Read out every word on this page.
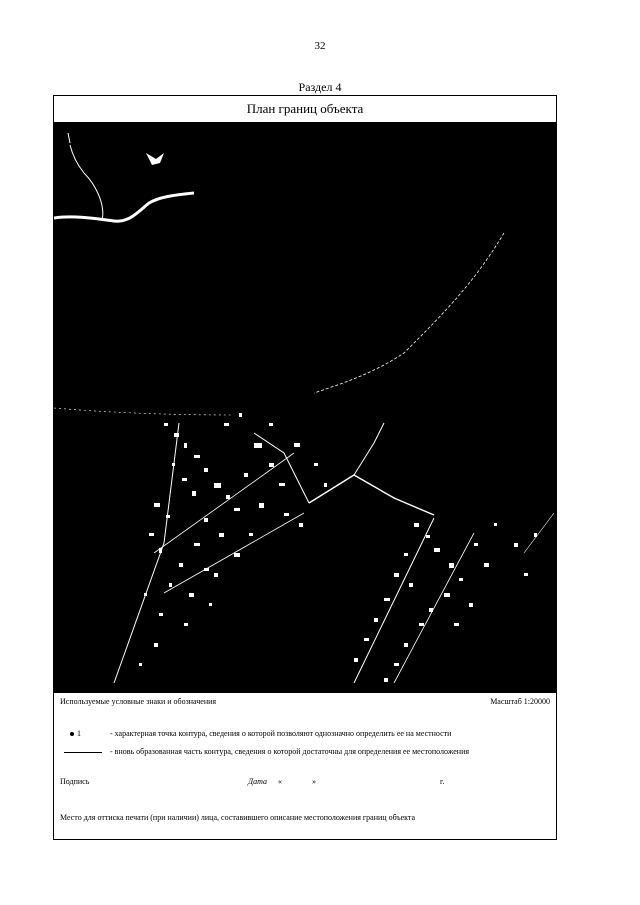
32
Раздел 4
План границ объекта
Используемые условные знаки и обозначения	Масштаб 1:20000
1	- характерная точка контура, сведения о которой позволяют однозначно определить ее на местности
- вновь образованная часть контура, сведения о которой достаточны для определения ее местоположения
Подпись	Дата «	»	г.
Место для оттиска печати (при наличии) лица, составившего описание местоположения границ объекта
